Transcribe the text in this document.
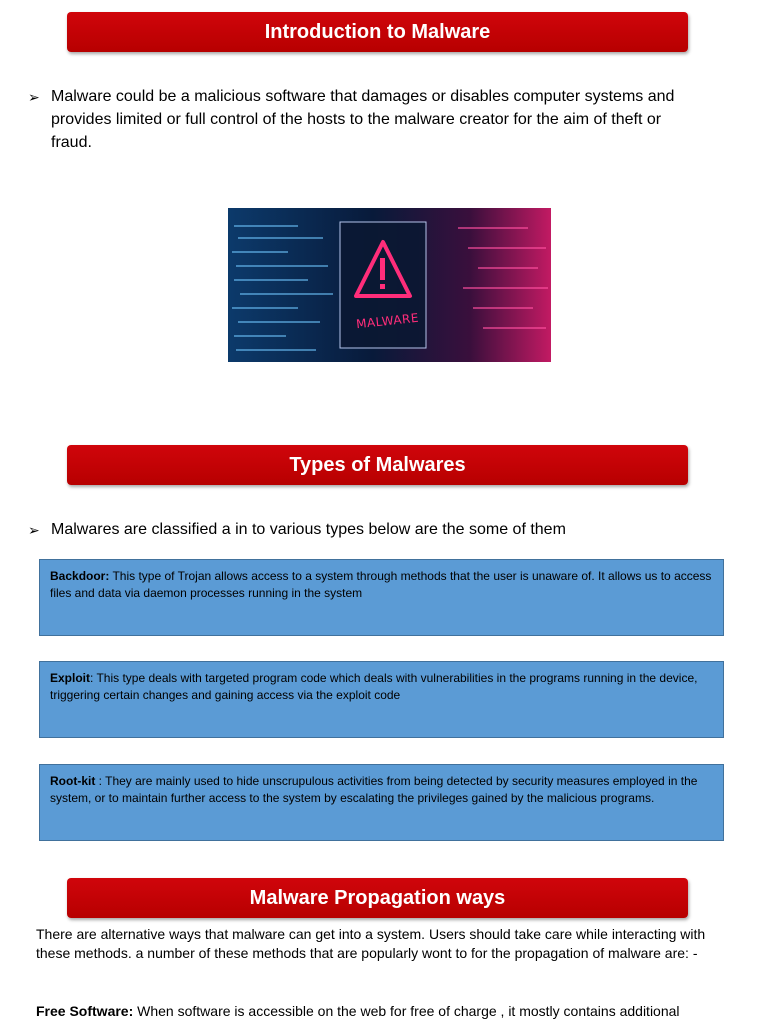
Introduction to Malware
➢ Malware could be a malicious software that damages or disables computer systems and provides limited or full control of the hosts to the malware creator for the aim of theft or fraud.
MALWARE
Types of Malwares
➢ Malwares are classified a in to various types below are the some of them
Backdoor: This type of Trojan allows access to a system through methods that the user is unaware of. It allows us to access files and data via daemon processes running in the system
Exploit: This type deals with targeted program code which deals with vulnerabilities in the programs running in the device, triggering certain changes and gaining access via the exploit code
Root-kit : They are mainly used to hide unscrupulous activities from being detected by security measures employed in the system, or to maintain further access to the system by escalating the privileges gained by the malicious programs.
Malware Propagation ways
There are alternative ways that malware can get into a system. Users should take care while interacting with these methods. a number of these methods that are popularly wont to for the propagation of malware are: -
Free Software: When software is accessible on the web for free of charge , it mostly contains additional
